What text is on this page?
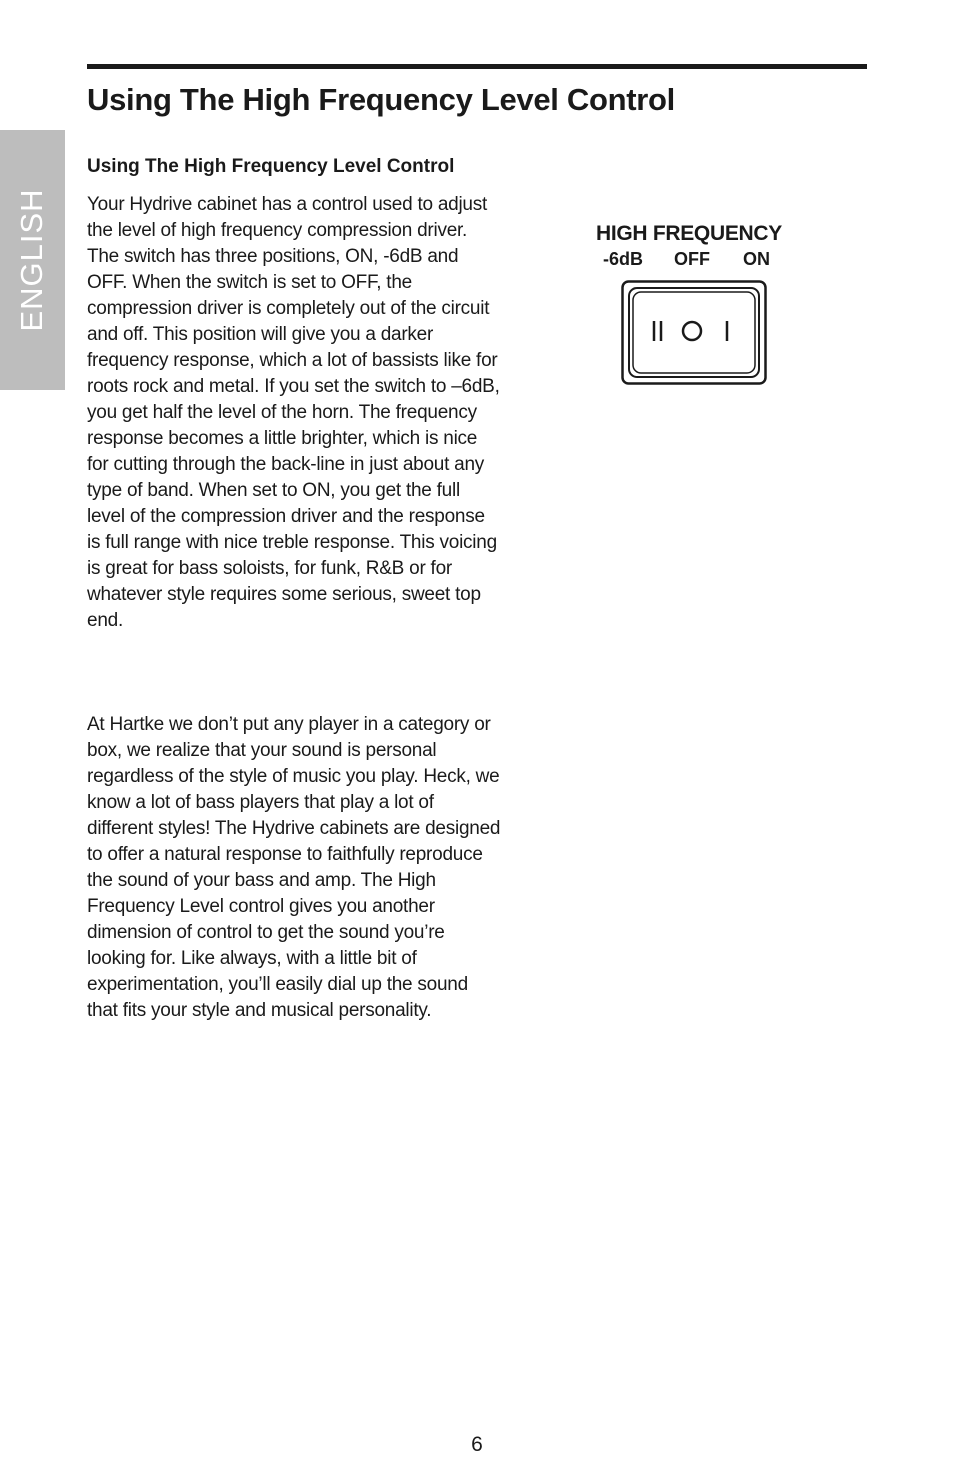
ENGLISH
Using The High Frequency Level Control
Using The High Frequency Level Control

Your Hydrive cabinet has a control used to adjust the level of high frequency compression driver. The switch has three positions, ON, -6dB and OFF. When the switch is set to OFF, the compression driver is completely out of the circuit and off. This position will give you a darker frequency response, which a lot of bassists like for roots rock and metal. If you set the switch to –6dB, you get half the level of the horn. The frequency response becomes a little brighter, which is nice for cutting through the back-line in just about any type of band. When set to ON, you get the full level of the compression driver and the response is full range with nice treble response. This voicing is great for bass soloists, for funk, R&B or for whatever style requires some serious, sweet top end.

At Hartke we don’t put any player in a category or box, we realize that your sound is personal regardless of the style of music you play. Heck, we know a lot of bass players that play a lot of different styles! The Hydrive cabinets are designed to offer a natural response to faithfully reproduce the sound of your bass and amp. The High Frequency Level control gives you another dimension of control to get the sound you’re looking for. Like always, with a little bit of experimentation, you’ll easily dial up the sound that fits your style and musical personality.

HIGH FREQUENCY
-6dB OFF ON
6
